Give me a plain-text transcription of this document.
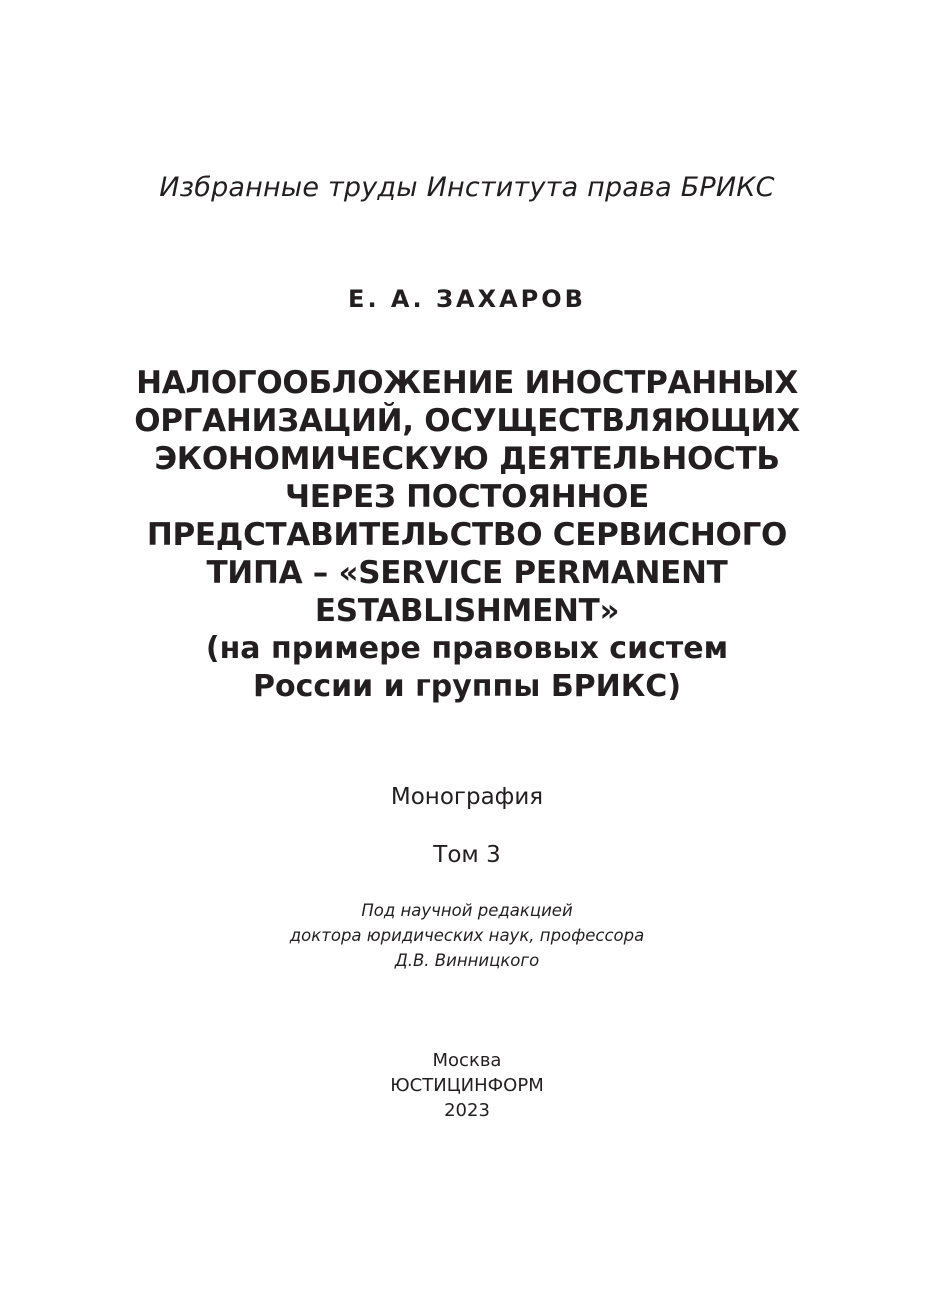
Избранные труды Института права БРИКС
Е. А. ЗАХАРОВ
НАЛОГООБЛОЖЕНИЕ ИНОСТРАННЫХ
ОРГАНИЗАЦИЙ, ОСУЩЕСТВЛЯЮЩИХ
ЭКОНОМИЧЕСКУЮ ДЕЯТЕЛЬНОСТЬ
ЧЕРЕЗ ПОСТОЯННОЕ
ПРЕДСТАВИТЕЛЬСТВО СЕРВИСНОГО
ТИПА – «SERVICE PERMANENT
ESTABLISHMENT»
(на примере правовых систем
России и группы БРИКС)
Монография
Том 3
Под научной редакцией
доктора юридических наук, профессора
Д.В. Винницкого
Москва
ЮСТИЦИНФОРМ
2023
